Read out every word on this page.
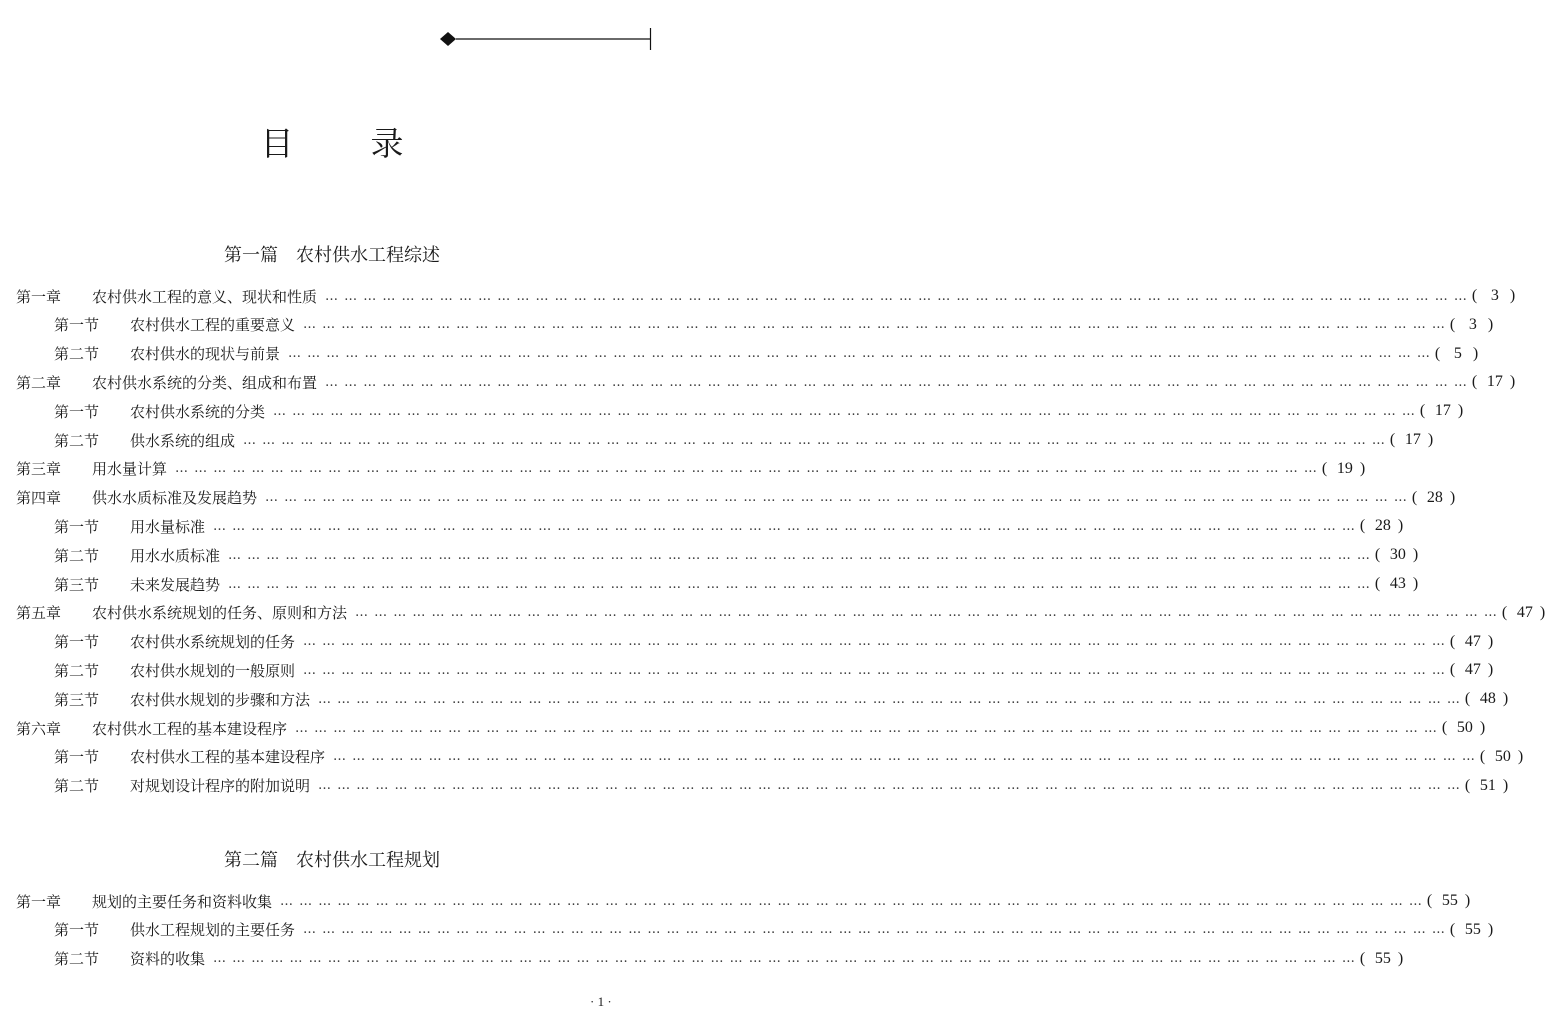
目　录
第一篇　农村供水工程综述
第一章	农村供水工程的意义、现状和性质 … … … … … … … … … … … … … … … … … … … … … … … … … … … … … … … … … … … … … … … … … … … … … … … … … … … … … … … … … … … … ( 3 )
第一节	农村供水工程的重要意义 … … … … … … … … … … … … … … … … … … … … … … … … … … … … … … … … … … … … … … … … … … … … … … … … … … … … … … … … … … … … ( 3 )
第二节	农村供水的现状与前景 … … … … … … … … … … … … … … … … … … … … … … … … … … … … … … … … … … … … … … … … … … … … … … … … … … … … … … … … … … … … ( 5 )
第二章	农村供水系统的分类、组成和布置 … … … … … … … … … … … … … … … … … … … … … … … … … … … … … … … … … … … … … … … … … … … … … … … … … … … … … … … … … … … … ( 17 )
第一节	农村供水系统的分类 … … … … … … … … … … … … … … … … … … … … … … … … … … … … … … … … … … … … … … … … … … … … … … … … … … … … … … … … … … … … ( 17 )
第二节	供水系统的组成 … … … … … … … … … … … … … … … … … … … … … … … … … … … … … … … … … … … … … … … … … … … … … … … … … … … … … … … … … … … … ( 17 )
第三章	用水量计算 … … … … … … … … … … … … … … … … … … … … … … … … … … … … … … … … … … … … … … … … … … … … … … … … … … … … … … … … … … … … ( 19 )
第四章	供水水质标准及发展趋势 … … … … … … … … … … … … … … … … … … … … … … … … … … … … … … … … … … … … … … … … … … … … … … … … … … … … … … … … … … … … ( 28 )
第一节	用水量标准 … … … … … … … … … … … … … … … … … … … … … … … … … … … … … … … … … … … … … … … … … … … … … … … … … … … … … … … … … … … … ( 28 )
第二节	用水水质标准 … … … … … … … … … … … … … … … … … … … … … … … … … … … … … … … … … … … … … … … … … … … … … … … … … … … … … … … … … … … … ( 30 )
第三节	未来发展趋势 … … … … … … … … … … … … … … … … … … … … … … … … … … … … … … … … … … … … … … … … … … … … … … … … … … … … … … … … … … … … ( 43 )
第五章	农村供水系统规划的任务、原则和方法 … … … … … … … … … … … … … … … … … … … … … … … … … … … … … … … … … … … … … … … … … … … … … … … … … … … … … … … … … … … … ( 47 )
第一节	农村供水系统规划的任务 … … … … … … … … … … … … … … … … … … … … … … … … … … … … … … … … … … … … … … … … … … … … … … … … … … … … … … … … … … … … ( 47 )
第二节	农村供水规划的一般原则 … … … … … … … … … … … … … … … … … … … … … … … … … … … … … … … … … … … … … … … … … … … … … … … … … … … … … … … … … … … … ( 47 )
第三节	农村供水规划的步骤和方法 … … … … … … … … … … … … … … … … … … … … … … … … … … … … … … … … … … … … … … … … … … … … … … … … … … … … … … … … … … … … ( 48 )
第六章	农村供水工程的基本建设程序 … … … … … … … … … … … … … … … … … … … … … … … … … … … … … … … … … … … … … … … … … … … … … … … … … … … … … … … … … … … … ( 50 )
第一节	农村供水工程的基本建设程序 … … … … … … … … … … … … … … … … … … … … … … … … … … … … … … … … … … … … … … … … … … … … … … … … … … … … … … … … … … … … ( 50 )
第二节	对规划设计程序的附加说明 … … … … … … … … … … … … … … … … … … … … … … … … … … … … … … … … … … … … … … … … … … … … … … … … … … … … … … … … … … … … ( 51 )
第二篇　农村供水工程规划
第一章	规划的主要任务和资料收集 … … … … … … … … … … … … … … … … … … … … … … … … … … … … … … … … … … … … … … … … … … … … … … … … … … … … … … … … … … … … ( 55 )
第一节	供水工程规划的主要任务 … … … … … … … … … … … … … … … … … … … … … … … … … … … … … … … … … … … … … … … … … … … … … … … … … … … … … … … … … … … … ( 55 )
第二节	资料的收集 … … … … … … … … … … … … … … … … … … … … … … … … … … … … … … … … … … … … … … … … … … … … … … … … … … … … … … … … … … … … ( 55 )
· 1 ·
